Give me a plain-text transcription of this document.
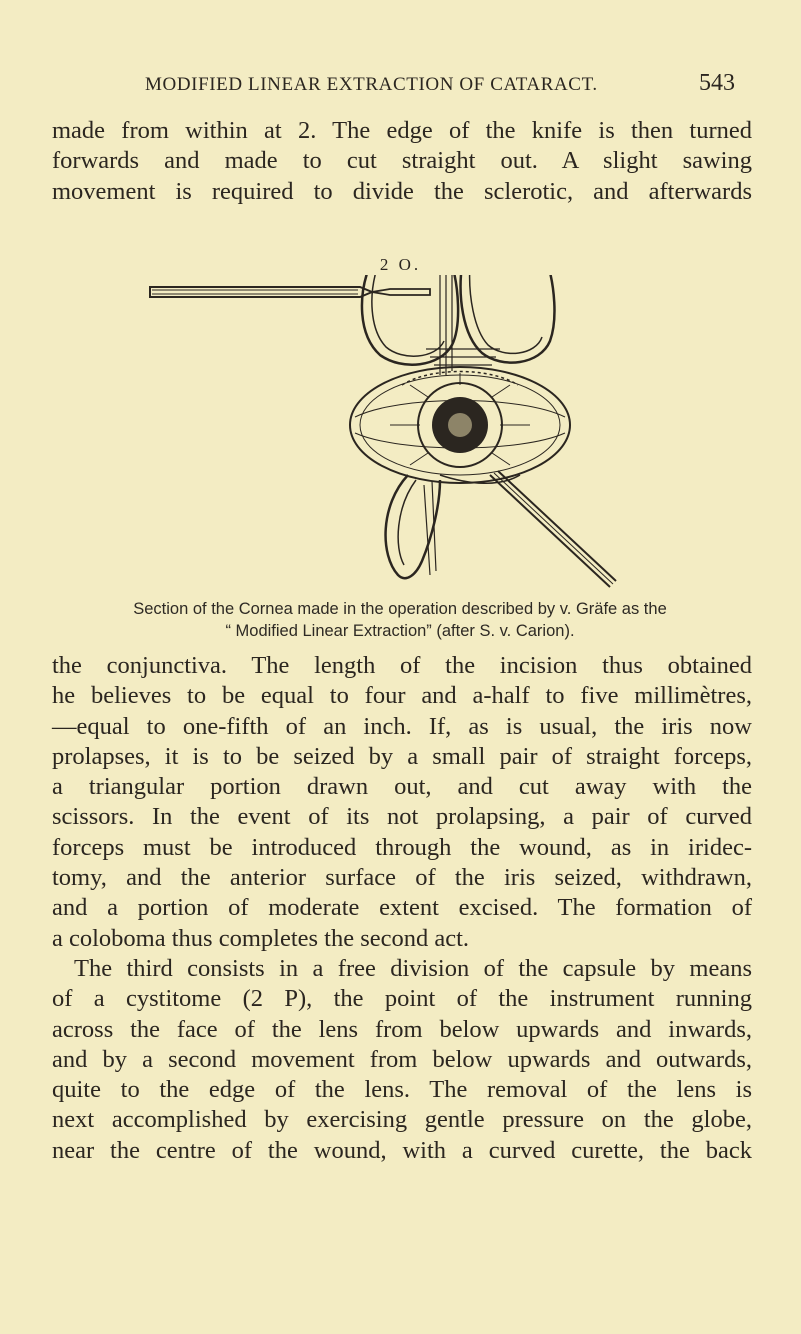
MODIFIED LINEAR EXTRACTION OF CATARACT.	543

made from within at 2. The edge of the knife is then turned

forwards and made to cut straight out. A slight sawing

movement is required to divide the sclerotic, and afterwards

2 O.
Section of the Cornea made in the operation described by v. Gräfe as the
“ Modified Linear Extraction” (after S. v. Carion).

the conjunctiva. The length of the incision thus obtained

he believes to be equal to four and a-half to five millimètres,

—equal to one-fifth of an inch. If, as is usual, the iris now

prolapses, it is to be seized by a small pair of straight forceps,

a triangular portion drawn out, and cut away with the

scissors. In the event of its not prolapsing, a pair of curved

forceps must be introduced through the wound, as in iridec-

tomy, and the anterior surface of the iris seized, withdrawn,

and a portion of moderate extent excised. The formation of

a coloboma thus completes the second act.

The third consists in a free division of the capsule by means

of a cystitome (2 P), the point of the instrument running

across the face of the lens from below upwards and inwards,

and by a second movement from below upwards and outwards,

quite to the edge of the lens. The removal of the lens is

next accomplished by exercising gentle pressure on the globe,

near the centre of the wound, with a curved curette, the back
